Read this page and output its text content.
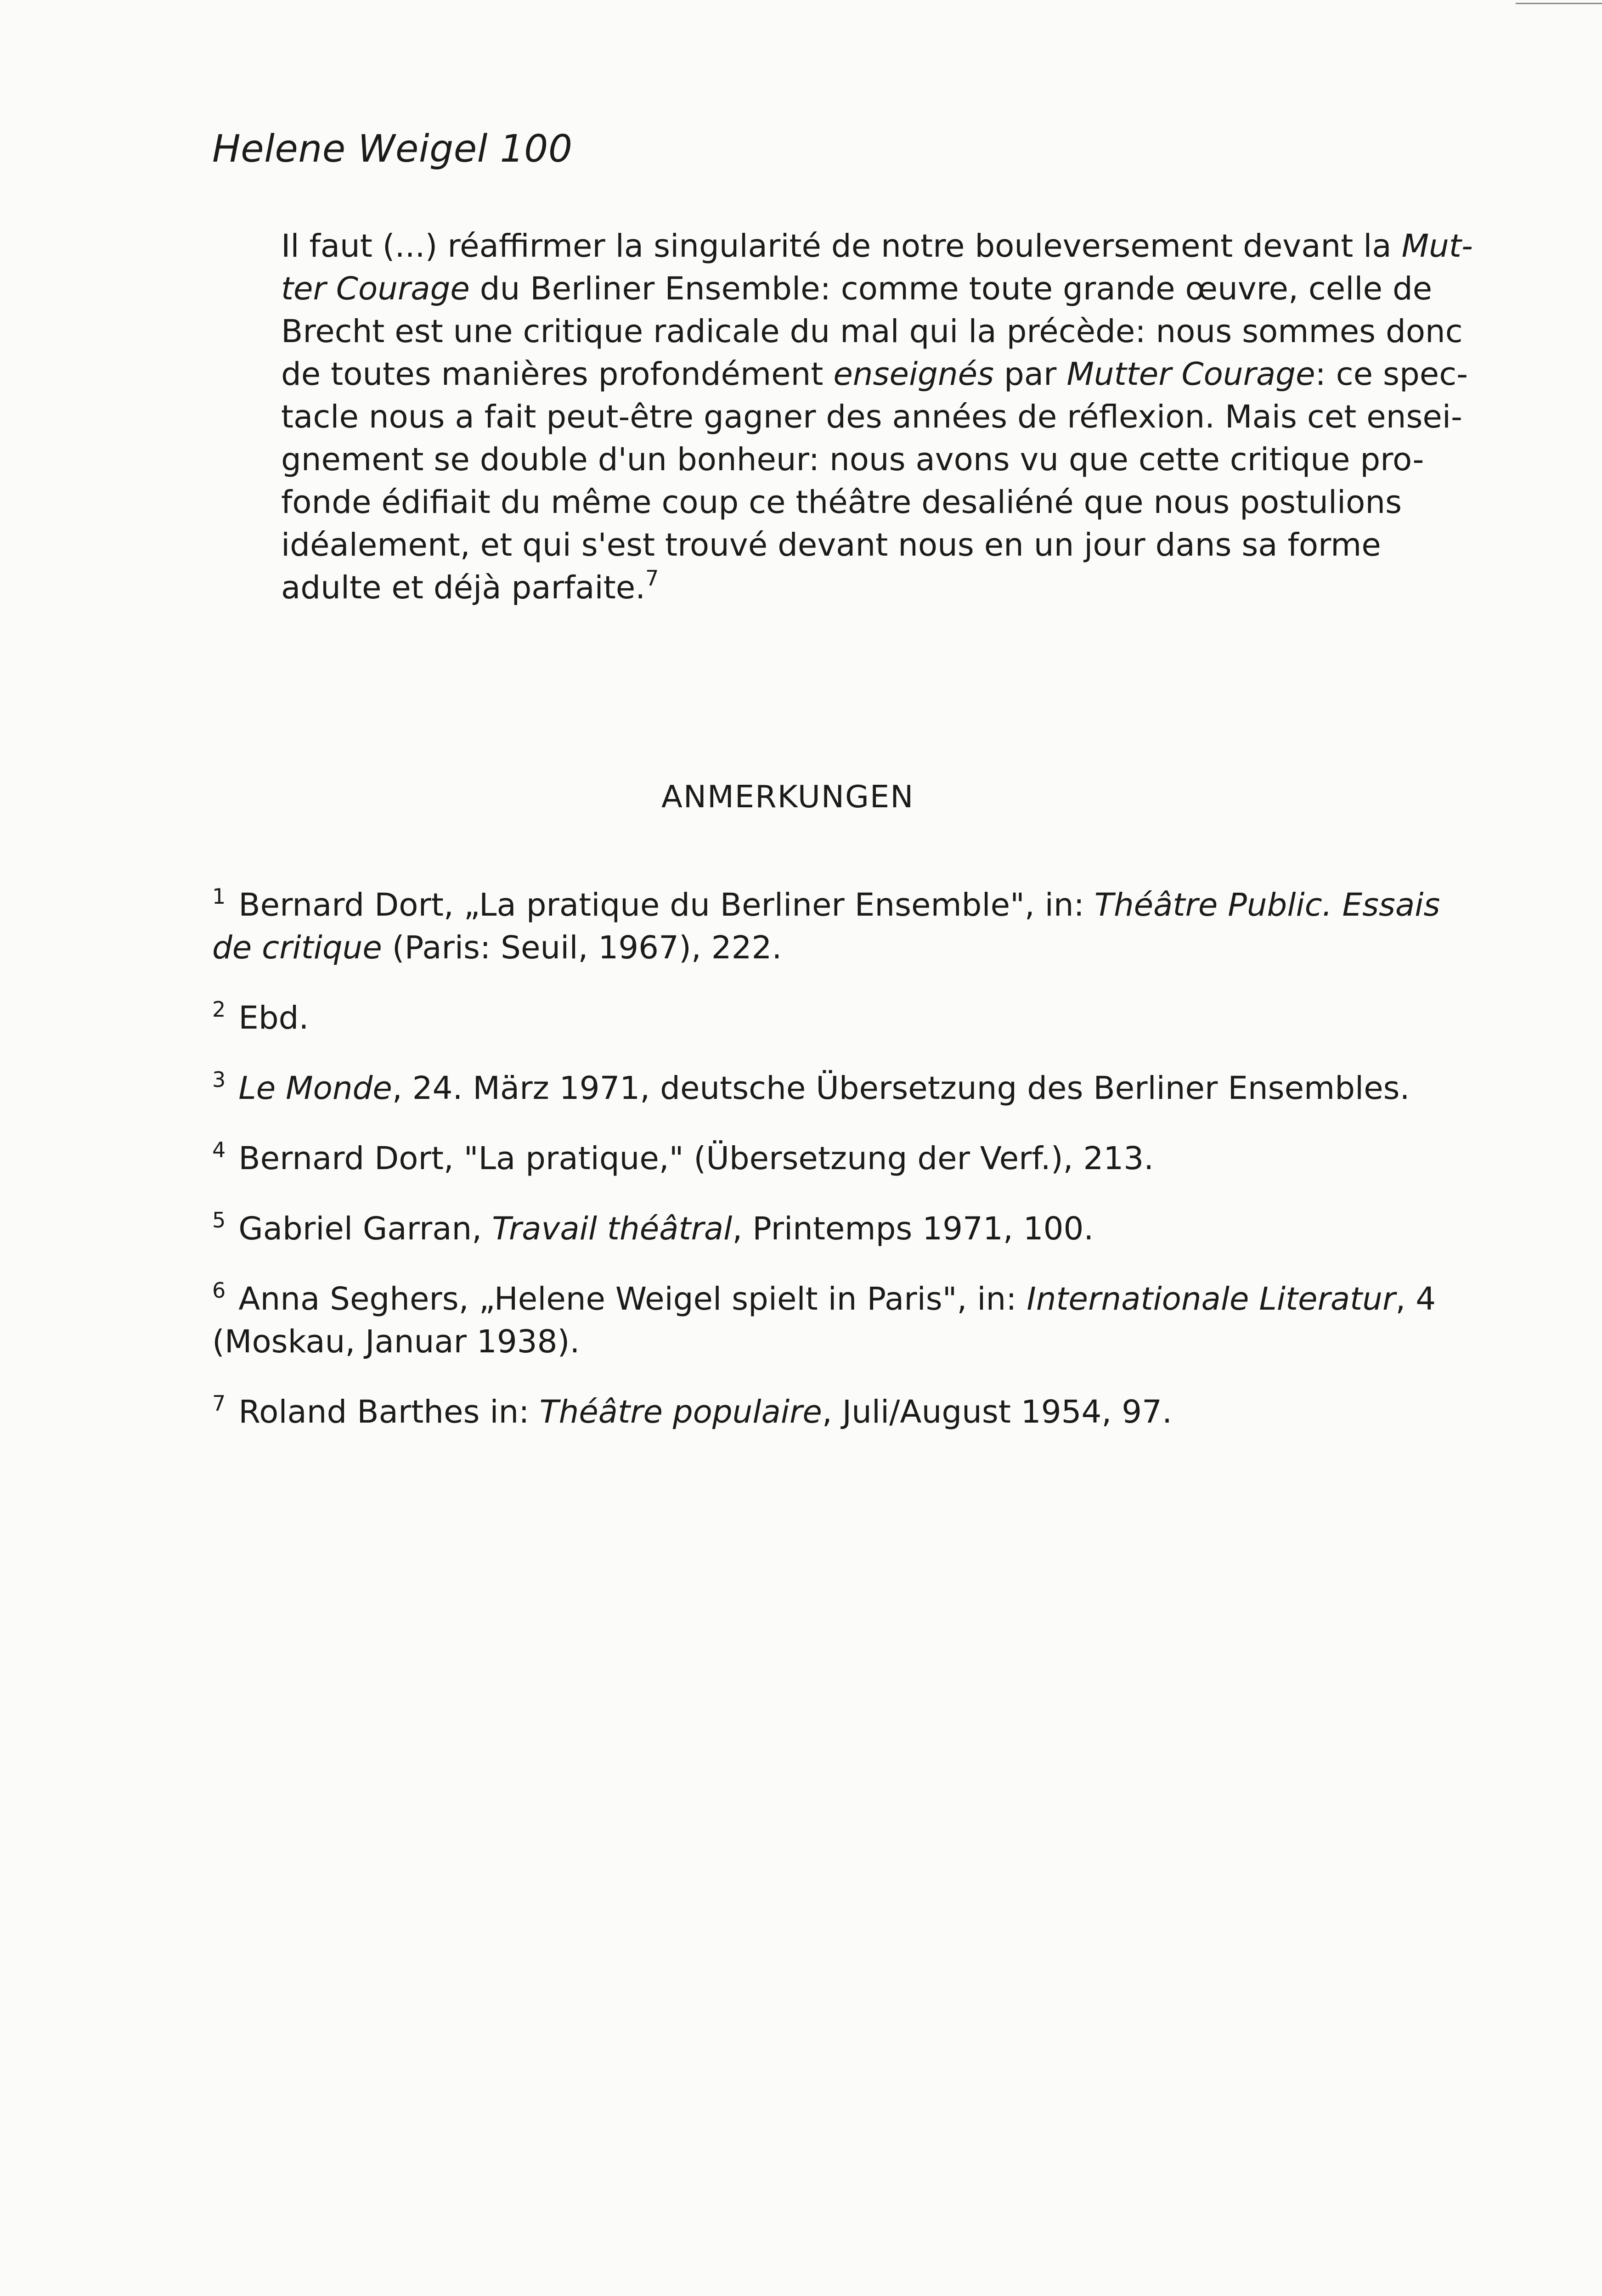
Helene Weigel 100
Il faut (...) réaffirmer la singularité de notre bouleversement devant la Mut-
ter Courage du Berliner Ensemble: comme toute grande œuvre, celle de
Brecht est une critique radicale du mal qui la précède: nous sommes donc
de toutes manières profondément enseignés par Mutter Courage: ce spec-
tacle nous a fait peut-être gagner des années de réflexion. Mais cet ensei-
gnement se double d'un bonheur: nous avons vu que cette critique pro-
fonde édifiait du même coup ce théâtre desaliéné que nous postulions
idéalement, et qui s'est trouvé devant nous en un jour dans sa forme
adulte et déjà parfaite.$^7$
ANMERKUNGEN
$^1$ Bernard Dort, „La pratique du Berliner Ensemble", in: Théâtre Public. Essais
de critique (Paris: Seuil, 1967), 222.
$^2$ Ebd.
$^3$ Le Monde, 24. März 1971, deutsche Übersetzung des Berliner Ensembles.
$^4$ Bernard Dort, "La pratique," (Übersetzung der Verf.), 213.
$^5$ Gabriel Garran, Travail théâtral, Printemps 1971, 100.
$^6$ Anna Seghers, „Helene Weigel spielt in Paris", in: Internationale Literatur, 4
(Moskau, Januar 1938).
$^7$ Roland Barthes in: Théâtre populaire, Juli/August 1954, 97.
